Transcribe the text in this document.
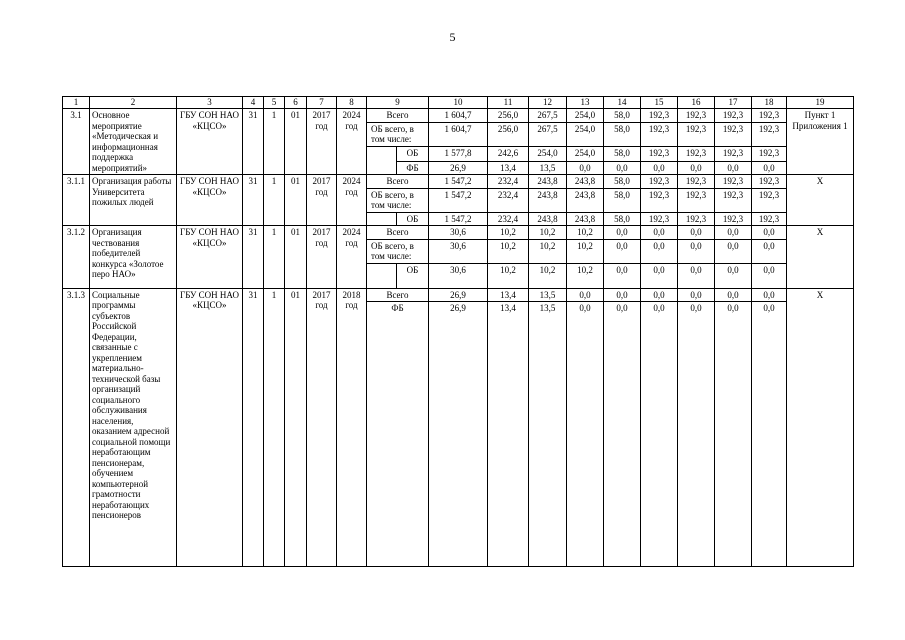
5
1	2	3	4	5	6	7	8	9		10	11	12	13	14	15	16	17	18	19
3.1	Основное мероприятие «Методическая и информационная поддержка мероприятий»	ГБУ СОН НАО «КЦСО»	31	1	01	2017 год	2024 год	Всего		1 604,7	256,0	267,5	254,0	58,0	192,3	192,3	192,3	192,3	Пункт 1 Приложения 1
								ОБ всего, в том числе:		1 604,7	256,0	267,5	254,0	58,0	192,3	192,3	192,3	192,3	
									ОБ	1 577,8	242,6	254,0	254,0	58,0	192,3	192,3	192,3	192,3	
									ФБ	26,9	13,4	13,5	0,0	0,0	0,0	0,0	0,0	0,0	
3.1.1	Организация работы Университета пожилых людей	ГБУ СОН НАО «КЦСО»	31	1	01	2017 год	2024 год	Всего		1 547,2	232,4	243,8	243,8	58,0	192,3	192,3	192,3	192,3	Х
								ОБ всего, в том числе:		1 547,2	232,4	243,8	243,8	58,0	192,3	192,3	192,3	192,3	
									ОБ	1 547,2	232,4	243,8	243,8	58,0	192,3	192,3	192,3	192,3	
3.1.2	Организация чествования победителей конкурса «Золотое перо НАО»	ГБУ СОН НАО «КЦСО»	31	1	01	2017 год	2024 год	Всего		30,6	10,2	10,2	10,2	0,0	0,0	0,0	0,0	0,0	Х
								ОБ всего, в том числе:		30,6	10,2	10,2	10,2	0,0	0,0	0,0	0,0	0,0	
									ОБ	30,6	10,2	10,2	10,2	0,0	0,0	0,0	0,0	0,0	
3.1.3	Социальные программы субъектов Российской Федерации, связанные с укреплением материально-технической базы организаций социального обслуживания населения, оказанием адресной социальной помощи неработающим пенсионерам, обучением компьютерной грамотности неработающих пенсионеров	ГБУ СОН НАО «КЦСО»	31	1	01	2017 год	2018 год	Всего		26,9	13,4	13,5	0,0	0,0	0,0	0,0	0,0	0,0	Х
								ФБ		26,9	13,4	13,5	0,0	0,0	0,0	0,0	0,0	0,0	
